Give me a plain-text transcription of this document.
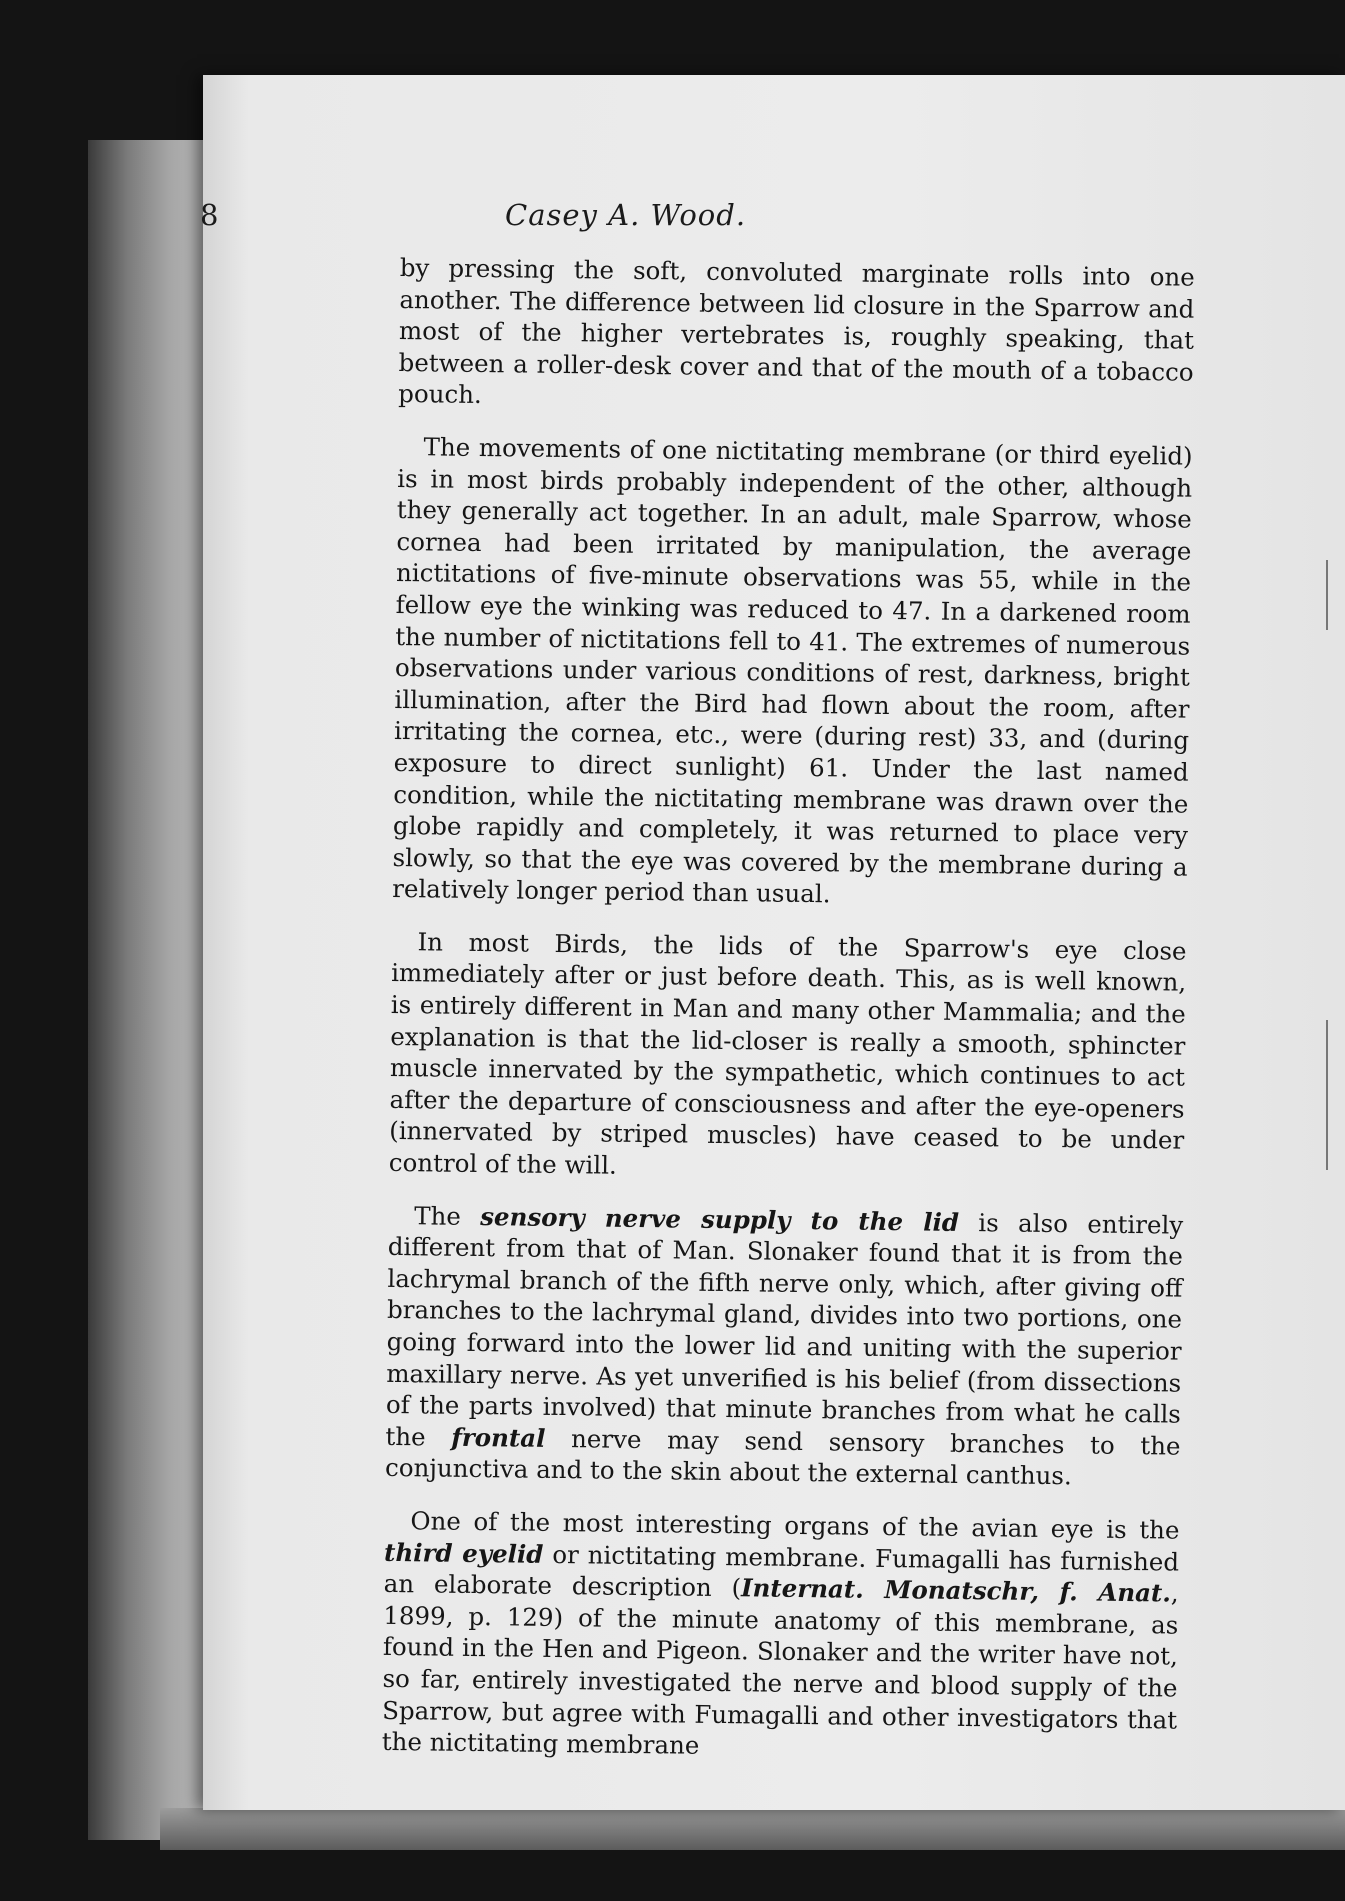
8	Casey A. Wood.

by pressing the soft, convoluted marginate rolls into one another. The difference between lid closure in the Sparrow and most of the higher vertebrates is, roughly speaking, that between a roller-desk cover and that of the mouth of a tobacco pouch.

The movements of one nictitating membrane (or third eyelid) is in most birds probably independent of the other, although they generally act together. In an adult, male Sparrow, whose cornea had been irritated by manipulation, the average nictitations of five-minute observations was 55, while in the fellow eye the winking was reduced to 47. In a darkened room the number of nictitations fell to 41. The extremes of numerous observations under various conditions of rest, darkness, bright illumination, after the Bird had flown about the room, after irritating the cornea, etc., were (during rest) 33, and (during exposure to direct sunlight) 61. Under the last named condition, while the nictitating membrane was drawn over the globe rapidly and completely, it was returned to place very slowly, so that the eye was covered by the membrane during a relatively longer period than usual.

In most Birds, the lids of the Sparrow's eye close immediately after or just before death. This, as is well known, is entirely different in Man and many other Mammalia; and the explanation is that the lid-closer is really a smooth, sphincter muscle innervated by the sympathetic, which continues to act after the departure of consciousness and after the eye-openers (innervated by striped muscles) have ceased to be under control of the will.

The sensory nerve supply to the lid is also entirely different from that of Man. Slonaker found that it is from the lachrymal branch of the fifth nerve only, which, after giving off branches to the lachrymal gland, divides into two portions, one going forward into the lower lid and uniting with the superior maxillary nerve. As yet unverified is his belief (from dissections of the parts involved) that minute branches from what he calls the frontal nerve may send sensory branches to the conjunctiva and to the skin about the external canthus.

One of the most interesting organs of the avian eye is the third eyelid or nictitating membrane. Fumagalli has furnished an elaborate description (Internat. Monatschr, f. Anat., 1899, p. 129) of the minute anatomy of this membrane, as found in the Hen and Pigeon. Slonaker and the writer have not, so far, entirely investigated the nerve and blood supply of the Sparrow, but agree with Fumagalli and other investigators that the nictitating membrane
